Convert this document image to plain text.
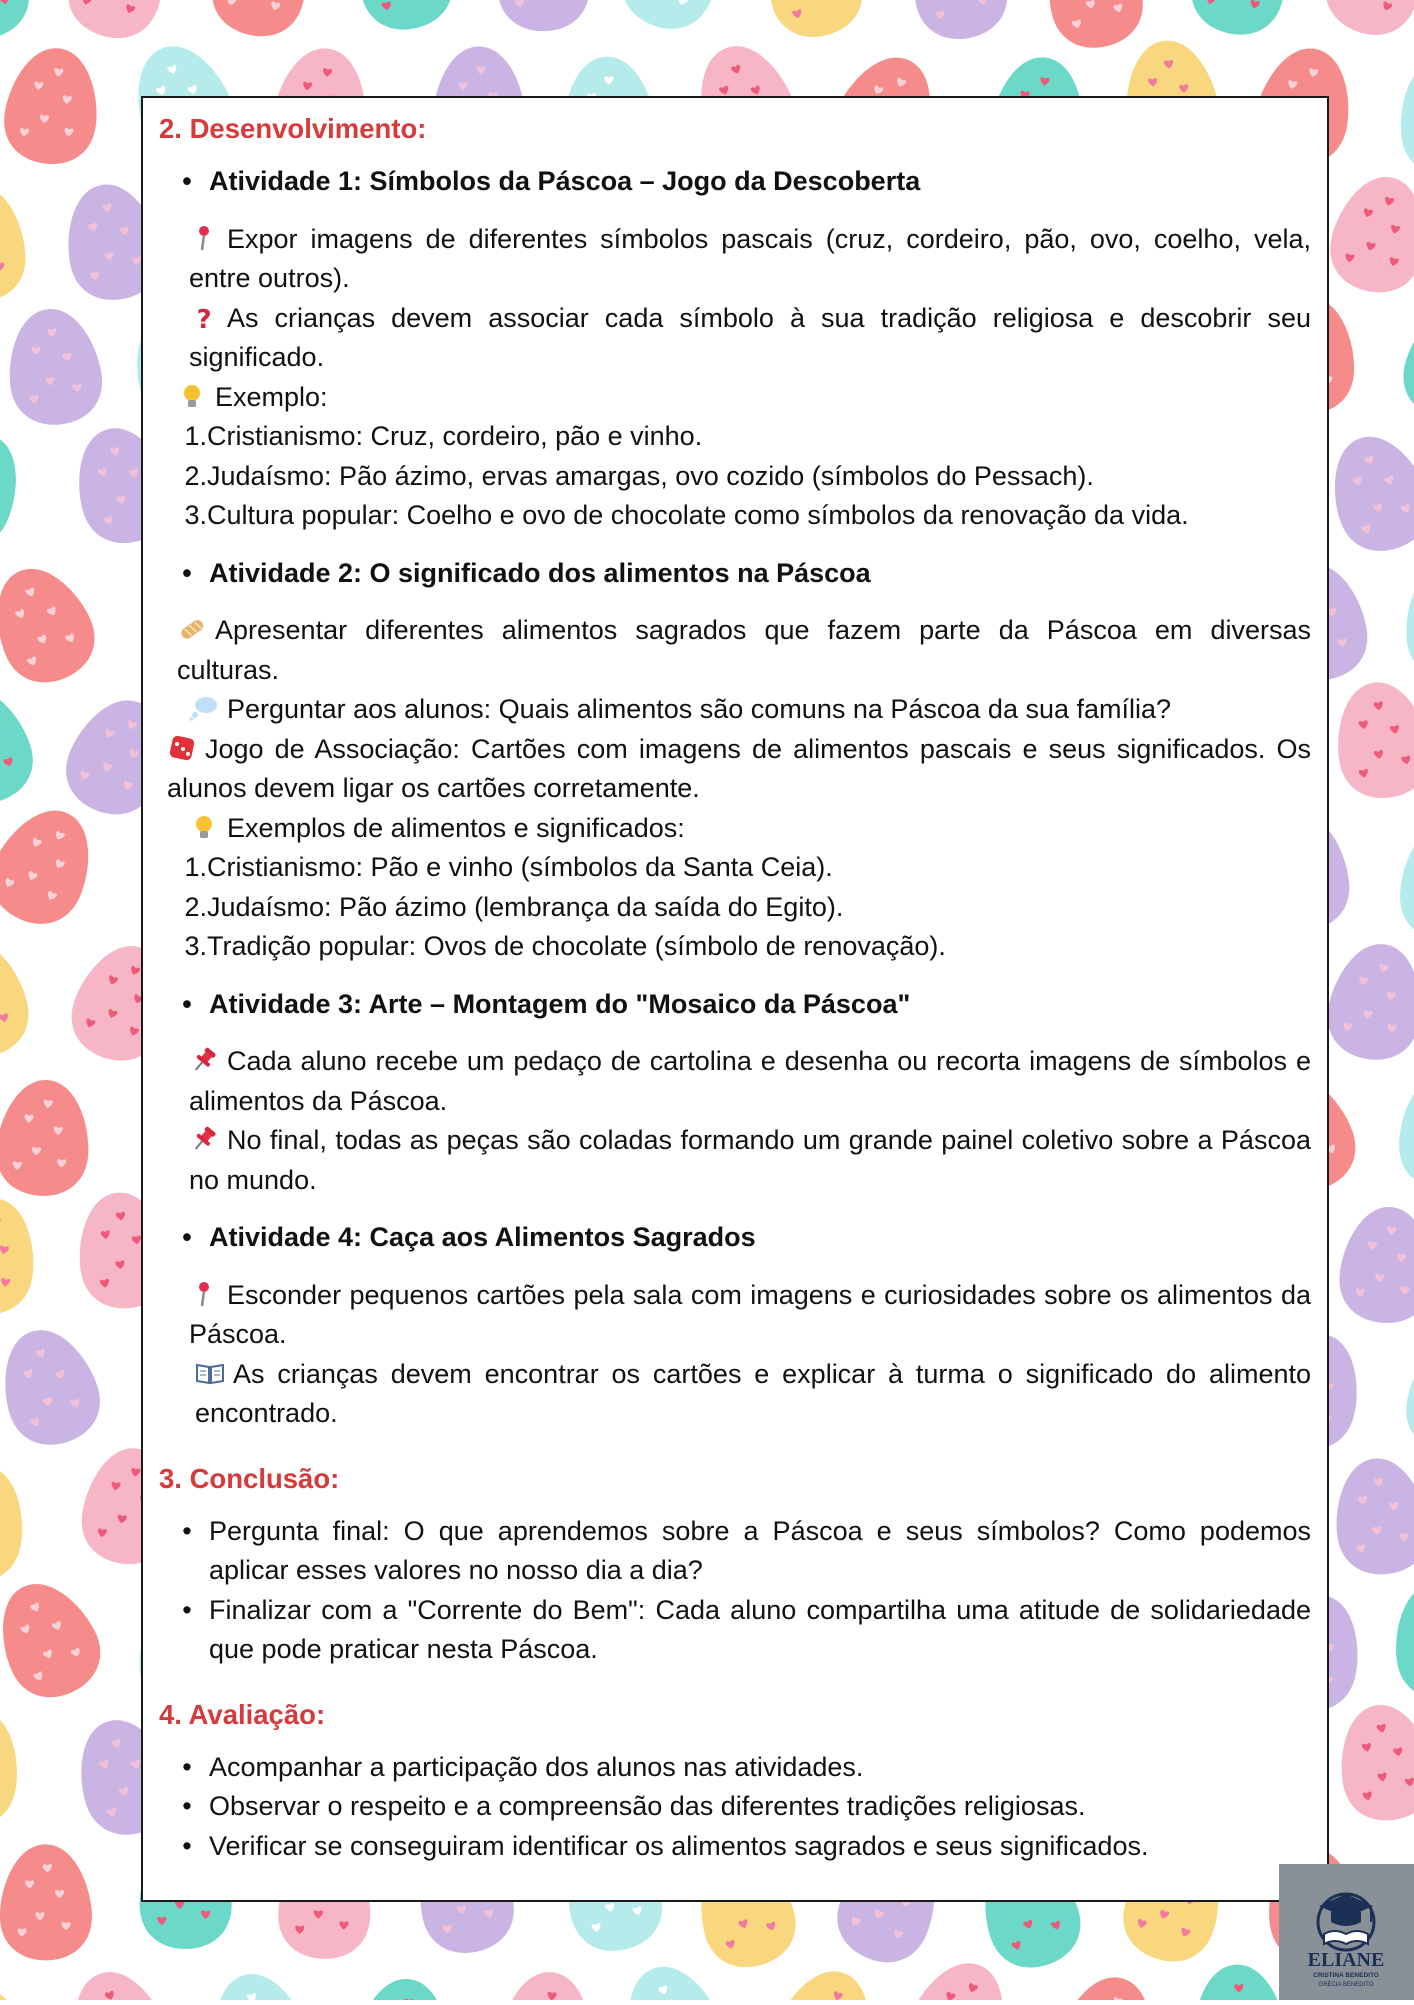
2. Desenvolvimento:
• Atividade 1: Símbolos da Páscoa – Jogo da Descoberta

Expor imagens de diferentes símbolos pascais (cruz, cordeiro, pão, ovo, coelho, vela, entre outros).

? As crianças devem associar cada símbolo à sua tradição religiosa e descobrir seu significado.

Exemplo:

1. Cristianismo: Cruz, cordeiro, pão e vinho.
2. Judaísmo: Pão ázimo, ervas amargas, ovo cozido (símbolos do Pessach).
3. Cultura popular: Coelho e ovo de chocolate como símbolos da renovação da vida.
• Atividade 2: O significado dos alimentos na Páscoa

Apresentar diferentes alimentos sagrados que fazem parte da Páscoa em diversas culturas.

Perguntar aos alunos: Quais alimentos são comuns na Páscoa da sua família?

Jogo de Associação: Cartões com imagens de alimentos pascais e seus significados. Os alunos devem ligar os cartões corretamente.

Exemplos de alimentos e significados:

1. Cristianismo: Pão e vinho (símbolos da Santa Ceia).
2. Judaísmo: Pão ázimo (lembrança da saída do Egito).
3. Tradição popular: Ovos de chocolate (símbolo de renovação).
• Atividade 3: Arte – Montagem do "Mosaico da Páscoa"

Cada aluno recebe um pedaço de cartolina e desenha ou recorta imagens de símbolos e alimentos da Páscoa.

No final, todas as peças são coladas formando um grande painel coletivo sobre a Páscoa no mundo.

• Atividade 4: Caça aos Alimentos Sagrados

Esconder pequenos cartões pela sala com imagens e curiosidades sobre os alimentos da Páscoa.

As crianças devem encontrar os cartões e explicar à turma o significado do alimento encontrado.

3. Conclusão:
• Pergunta final: O que aprendemos sobre a Páscoa e seus símbolos? Como podemos aplicar esses valores no nosso dia a dia?
• Finalizar com a "Corrente do Bem": Cada aluno compartilha uma atitude de solidariedade que pode praticar nesta Páscoa.
4. Avaliação:
• Acompanhar a participação dos alunos nas atividades.
• Observar o respeito e a compreensão das diferentes tradições religiosas.
• Verificar se conseguiram identificar os alimentos sagrados e seus significados.
ELIANE
CRISTINA BENEDITO
GRÉCIA BENEDITO
